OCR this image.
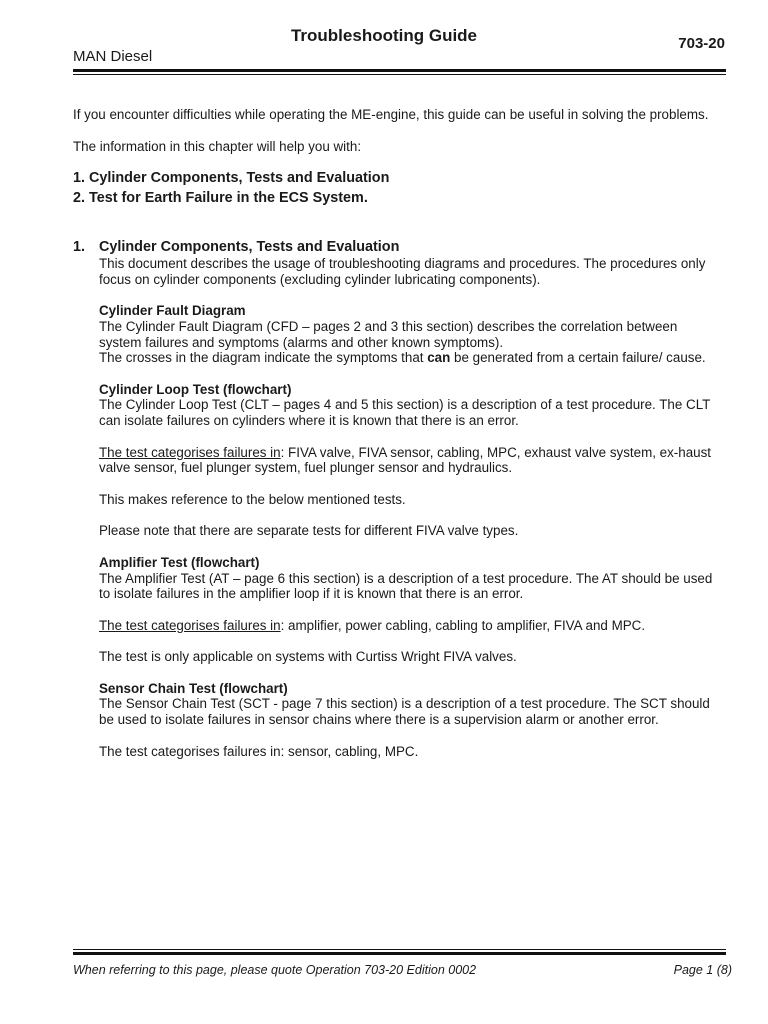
Troubleshooting Guide
MAN Diesel
703-20

If you encounter difficulties while operating the ME-engine, this guide can be useful in solving the problems.

The information in this chapter will help you with:

1. Cylinder Components, Tests and Evaluation

2. Test for Earth Failure in the ECS System.

1. Cylinder Components, Tests and Evaluation

This document describes the usage of troubleshooting diagrams and procedures. The procedures only focus on cylinder components (excluding cylinder lubricating components).

Cylinder Fault Diagram

The Cylinder Fault Diagram (CFD – pages 2 and 3 this section) describes the correlation between system failures and symptoms (alarms and other known symptoms).

The crosses in the diagram indicate the symptoms that can be generated from a certain failure/ cause.

Cylinder Loop Test (flowchart)

The Cylinder Loop Test (CLT – pages 4 and 5 this section) is a description of a test procedure. The CLT can isolate failures on cylinders where it is known that there is an error.

The test categorises failures in: FIVA valve, FIVA sensor, cabling, MPC, exhaust valve system, ex-haust valve sensor, fuel plunger system, fuel plunger sensor and hydraulics.

This makes reference to the below mentioned tests.

Please note that there are separate tests for different FIVA valve types.

Amplifier Test (flowchart)

The Amplifier Test (AT – page 6 this section) is a description of a test procedure. The AT should be used to isolate failures in the amplifier loop if it is known that there is an error.

The test categorises failures in: amplifier, power cabling, cabling to amplifier, FIVA and MPC.

The test is only applicable on systems with Curtiss Wright FIVA valves.

Sensor Chain Test (flowchart)

The Sensor Chain Test (SCT - page 7 this section) is a description of a test procedure. The SCT should be used to isolate failures in sensor chains where there is a supervision alarm or another error.

The test categorises failures in: sensor, cabling, MPC.

When referring to this page, please quote Operation 703-20 Edition 0002	Page 1 (8)
